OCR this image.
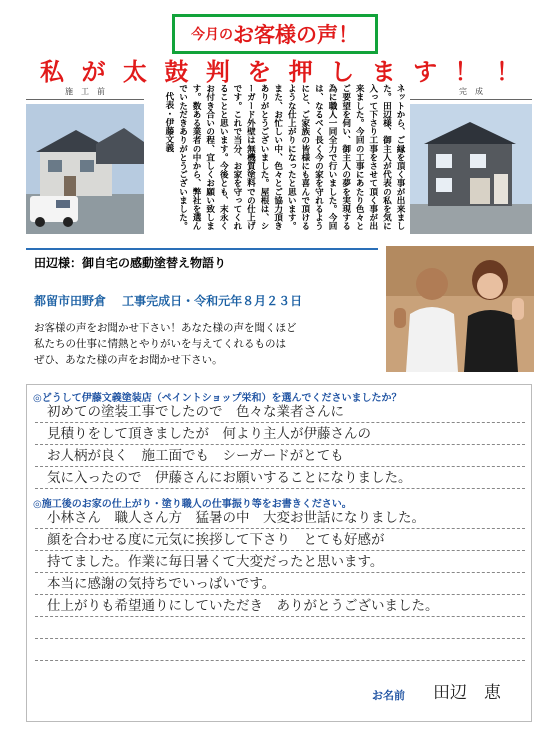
今月の お客様の声！
私 が 太 鼓 判 を 押 し ま す ！ ！
施　工　前	ネットから、ご縁を頂く事が出来ました。田辺様、御主人が代表の私を気に入って下さり工事をさせて頂く事が出来ました。今回の工事にあたり色々とご要望を伺い、御主人の夢を実現する為に職人一同全力で行いました。今回は、なるべく長く今の家を守れるようにと、ご家族の皆様にも喜んで頂けるような仕上がりになったと思います。また、お忙しい中、色々とご協力頂きありがとうございました。屋根は、シーガード外壁は無機質塗料での仕上げです。これで当分、お家を守ってくれることと思います。今後とも、末永くお付き合いの程、宜しくお願い致します。数ある業者の中から、弊社を選んでいただきありがとうございました。
代表・伊藤文義
完　成
田辺様：御自宅の感動塗替え物語り
都留市田野倉　 工事完成日・令和元年８月２３日
お客様の声をお聞かせ下さい！あなた様の声を聞くほど
私たちの仕事に情熱とやりがいを与えてくれるものは
ぜひ、あなた様の声をお聞かせ下さい。
◎どうして伊藤文義塗装店（ペイントショップ栄和）を選んでくださいましたか？
初めての塗装工事でしたので　色々な業者さんに
見積りをして頂きましたが　何より主人が伊藤さんの
お人柄が良く　施工面でも　シーガードがとても
気に入ったので　伊藤さんにお願いすることになりました。
◎施工後のお家の仕上がり・塗り職人の仕事振り等をお書きください。
小林さん　職人さん方　猛暑の中　大変お世話になりました。
顔を合わせる度に元気に挨拶して下さり　とても好感が
持てました。作業に毎日暑くて大変だったと思います。
本当に感謝の気持ちでいっぱいです。
仕上がりも希望通りにしていただき　ありがとうございました。
お名前 田辺　恵
